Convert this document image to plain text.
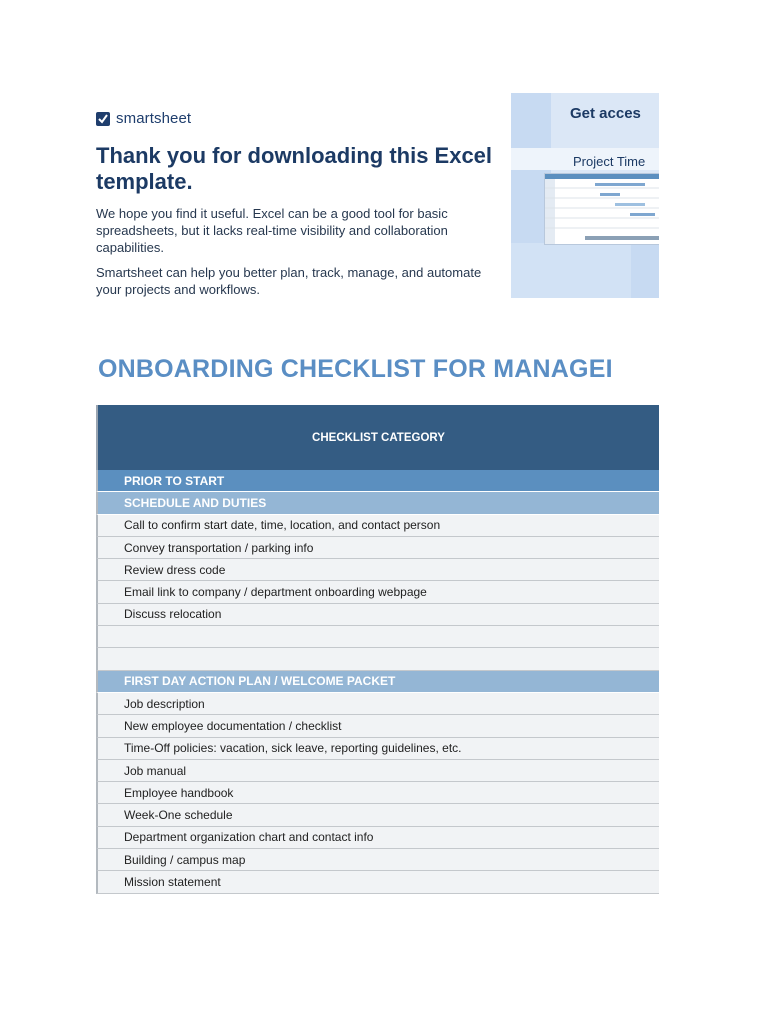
smartsheet
Thank you for downloading this Excel template.
We hope you find it useful. Excel can be a good tool for basic spreadsheets, but it lacks real-time visibility and collaboration capabilities.
Smartsheet can help you better plan, track, manage, and automate your projects and workflows.
Get acces
Project Time
ONBOARDING CHECKLIST FOR MANAGEI
CHECKLIST CATEGORY
PRIOR TO START
SCHEDULE AND DUTIES
Call to confirm start date, time, location, and contact person
Convey transportation / parking info
Review dress code
Email link to company / department onboarding webpage
Discuss relocation
FIRST DAY ACTION PLAN / WELCOME PACKET
Job description
New employee documentation / checklist
Time-Off policies: vacation, sick leave, reporting guidelines, etc.
Job manual
Employee handbook
Week-One schedule
Department organization chart and contact info
Building / campus map
Mission statement
